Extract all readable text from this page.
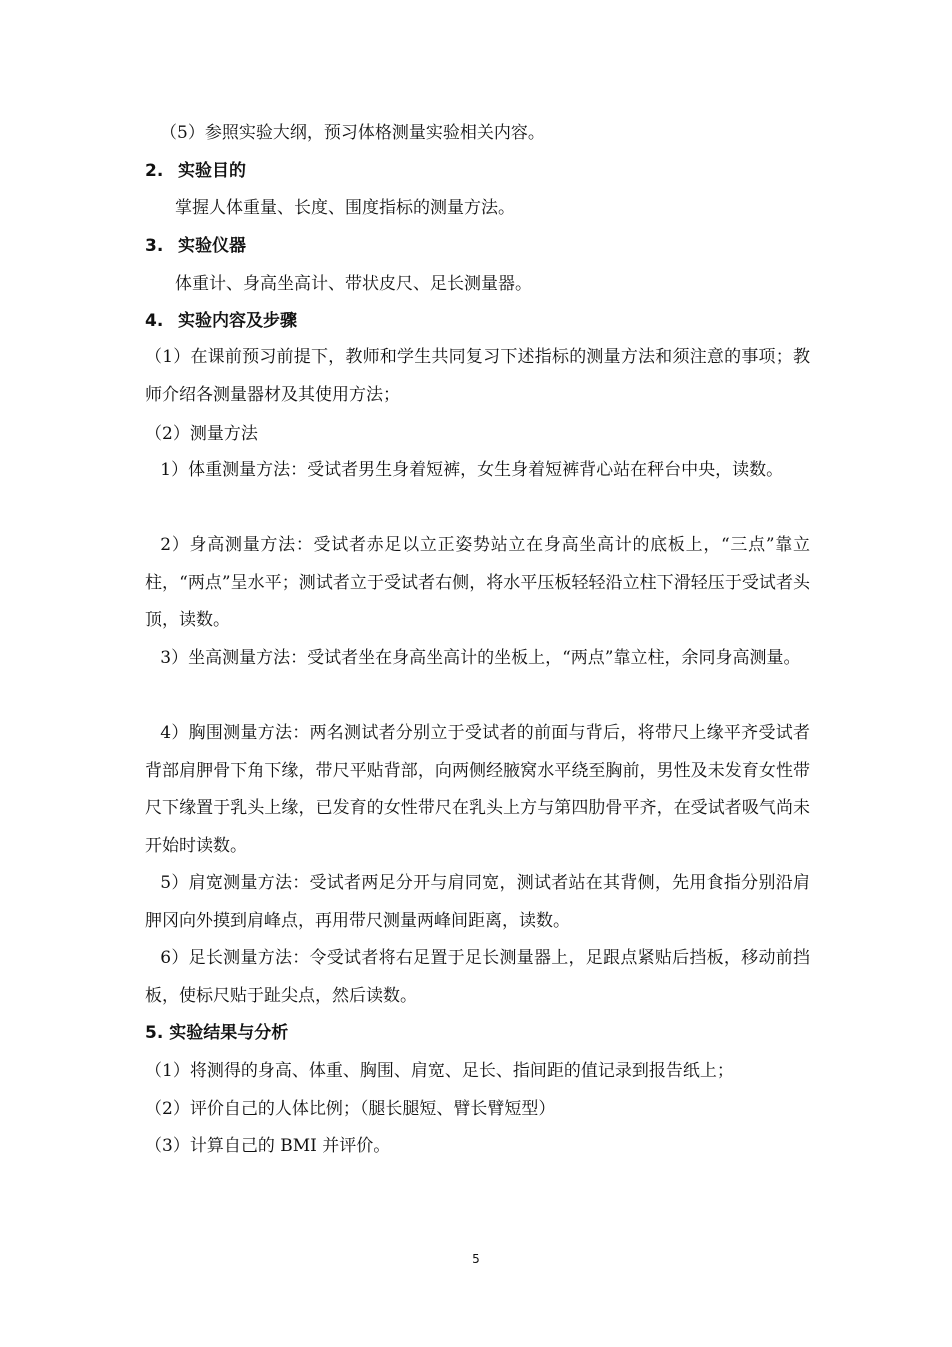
（5）参照实验大纲，预习体格测量实验相关内容。
2. 实验目的
掌握人体重量、长度、围度指标的测量方法。
3. 实验仪器
体重计、身高坐高计、带状皮尺、足长测量器。
4. 实验内容及步骤
（1）在课前预习前提下，教师和学生共同复习下述指标的测量方法和须注意的事项；教师介绍各测量器材及其使用方法；
（2）测量方法
1）体重测量方法：受试者男生身着短裤，女生身着短裤背心站在秤台中央，读数。
2）身高测量方法：受试者赤足以立正姿势站立在身高坐高计的底板上，“三点”靠立柱，“两点”呈水平；测试者立于受试者右侧，将水平压板轻轻沿立柱下滑轻压于受试者头顶，读数。
3）坐高测量方法：受试者坐在身高坐高计的坐板上，“两点”靠立柱，余同身高测量。
4）胸围测量方法：两名测试者分别立于受试者的前面与背后，将带尺上缘平齐受试者背部肩胛骨下角下缘，带尺平贴背部，向两侧经腋窝水平绕至胸前，男性及未发育女性带尺下缘置于乳头上缘，已发育的女性带尺在乳头上方与第四肋骨平齐，在受试者吸气尚未开始时读数。
5）肩宽测量方法：受试者两足分开与肩同宽，测试者站在其背侧，先用食指分别沿肩胛冈向外摸到肩峰点，再用带尺测量两峰间距离，读数。
6）足长测量方法：令受试者将右足置于足长测量器上，足跟点紧贴后挡板，移动前挡板，使标尺贴于趾尖点，然后读数。
5. 实验结果与分析
（1）将测得的身高、体重、胸围、肩宽、足长、指间距的值记录到报告纸上；
（2）评价自己的人体比例；（腿长腿短、臂长臂短型）
（3）计算自己的 BMI 并评价。
5
